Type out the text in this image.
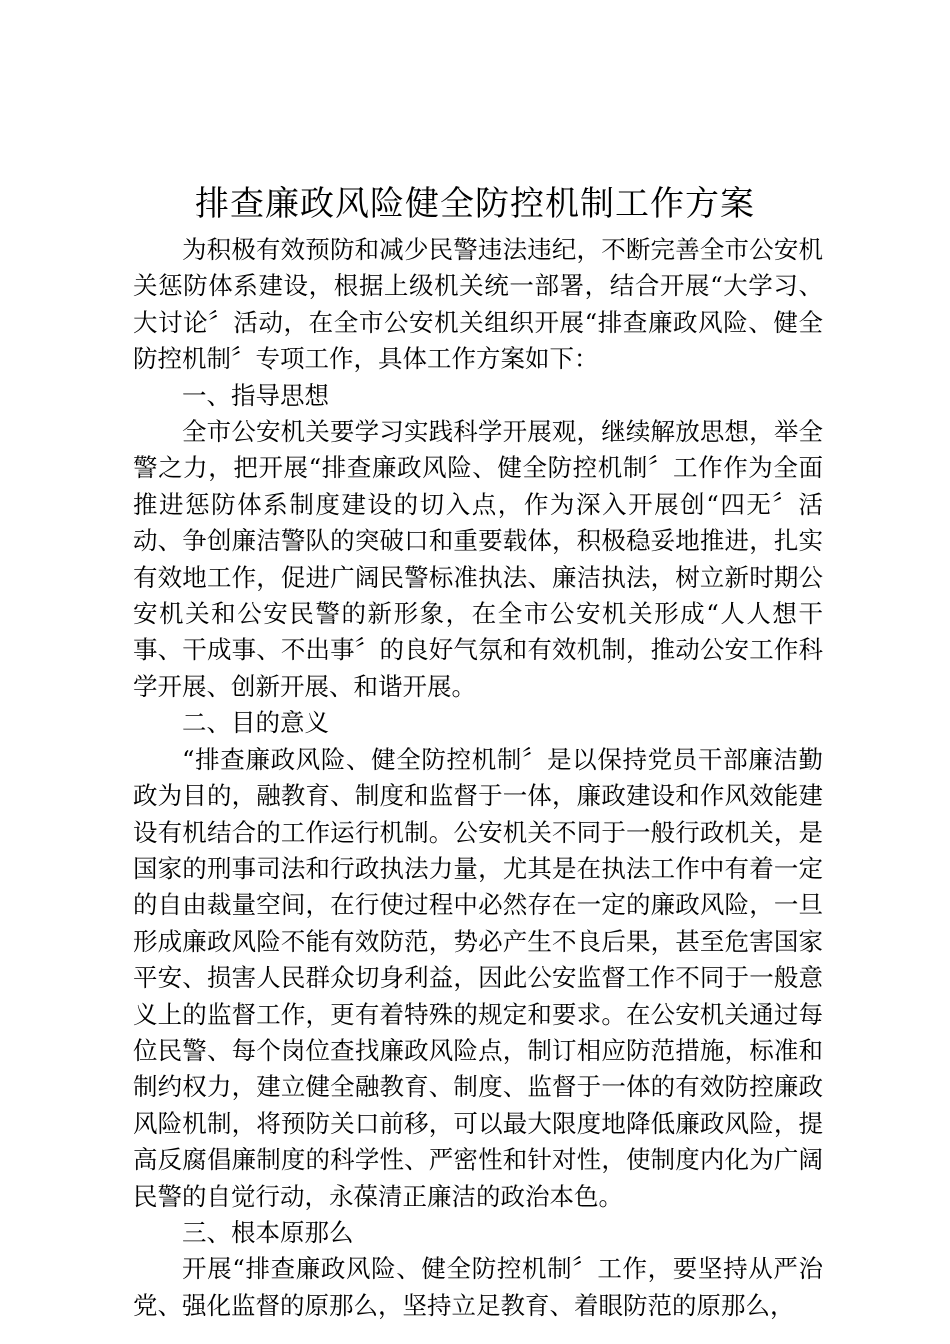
排查廉政风险健全防控机制工作方案

为积极有效预防和减少民警违法违纪，不断完善全市公安机关惩防体系建设，根据上级机关统一部署，结合开展“大学习、大讨论〞活动，在全市公安机关组织开展“排查廉政风险、健全防控机制〞专项工作，具体工作方案如下：

一、指导思想

全市公安机关要学习实践科学开展观，继续解放思想，举全警之力，把开展“排查廉政风险、健全防控机制〞工作作为全面推进惩防体系制度建设的切入点，作为深入开展创“四无〞活动、争创廉洁警队的突破口和重要载体，积极稳妥地推进，扎实有效地工作，促进广阔民警标准执法、廉洁执法，树立新时期公安机关和公安民警的新形象，在全市公安机关形成“人人想干事、干成事、不出事〞的良好气氛和有效机制，推动公安工作科学开展、创新开展、和谐开展。

二、目的意义

“排查廉政风险、健全防控机制〞是以保持党员干部廉洁勤政为目的，融教育、制度和监督于一体，廉政建设和作风效能建设有机结合的工作运行机制。公安机关不同于一般行政机关，是国家的刑事司法和行政执法力量，尤其是在执法工作中有着一定的自由裁量空间，在行使过程中必然存在一定的廉政风险，一旦形成廉政风险不能有效防范，势必产生不良后果，甚至危害国家平安、损害人民群众切身利益，因此公安监督工作不同于一般意义上的监督工作，更有着特殊的规定和要求。在公安机关通过每位民警、每个岗位查找廉政风险点，制订相应防范措施，标准和制约权力，建立健全融教育、制度、监督于一体的有效防控廉政风险机制，将预防关口前移，可以最大限度地降低廉政风险，提高反腐倡廉制度的科学性、严密性和针对性，使制度内化为广阔民警的自觉行动，永葆清正廉洁的政治本色。

三、根本原那么

开展“排查廉政风险、健全防控机制〞工作，要坚持从严治党、强化监督的原那么，坚持立足教育、着眼防范的原那么，
